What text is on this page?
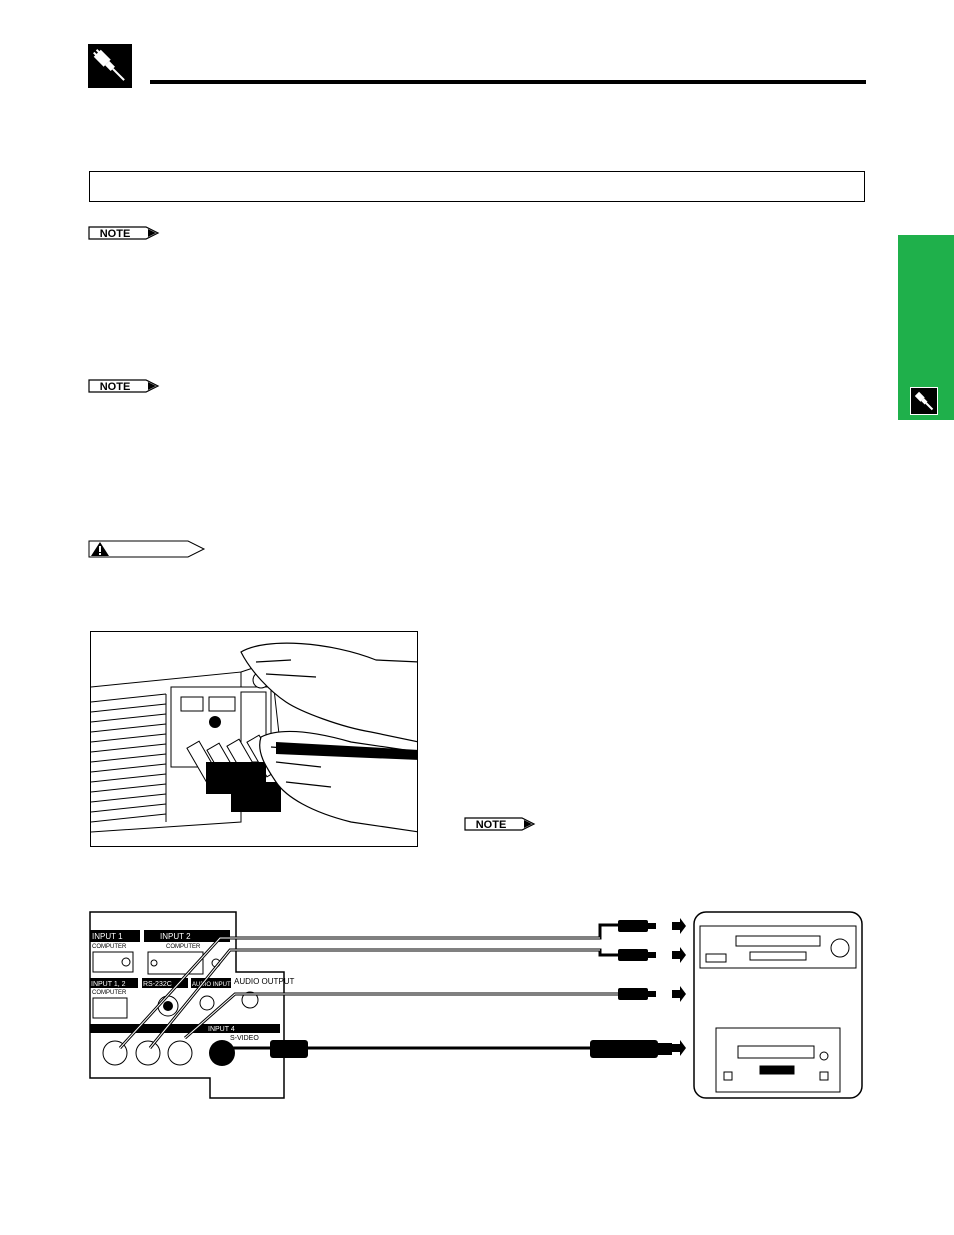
NOTE
NOTE
NOTE
INPUT 1
COMPUTER
INPUT 2
COMPUTER
INPUT 1, 2
COMPUTER
RS-232C	AUDIO INPUT AUDIO OUTPUT
INPUT 4
S-VIDEO
